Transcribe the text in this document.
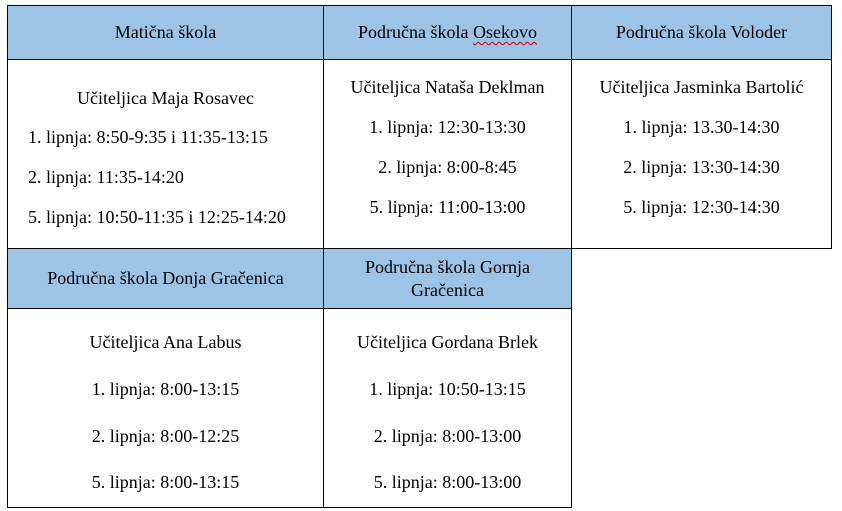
Matična škola	Područna škola Osekovo	Područna škola Voloder
Učiteljica Maja Rosavec
1. lipnja: 8:50-9:35 i 11:35-13:15
2. lipnja: 11:35-14:20
5. lipnja: 10:50-11:35 i 12:25-14:20
Učiteljica Nataša Deklman
1. lipnja: 12:30-13:30
2. lipnja: 8:00-8:45
5. lipnja: 11:00-13:00
Učiteljica Jasminka Bartolić
1. lipnja: 13.30-14:30
2. lipnja: 13:30-14:30
5. lipnja: 12:30-14:30
Područna škola Donja Gračenica
Područna škola Gornja
Gračenica
Učiteljica Ana Labus
1. lipnja: 8:00-13:15
2. lipnja: 8:00-12:25
5. lipnja: 8:00-13:15
Učiteljica Gordana Brlek
1. lipnja: 10:50-13:15
2. lipnja: 8:00-13:00
5. lipnja: 8:00-13:00
